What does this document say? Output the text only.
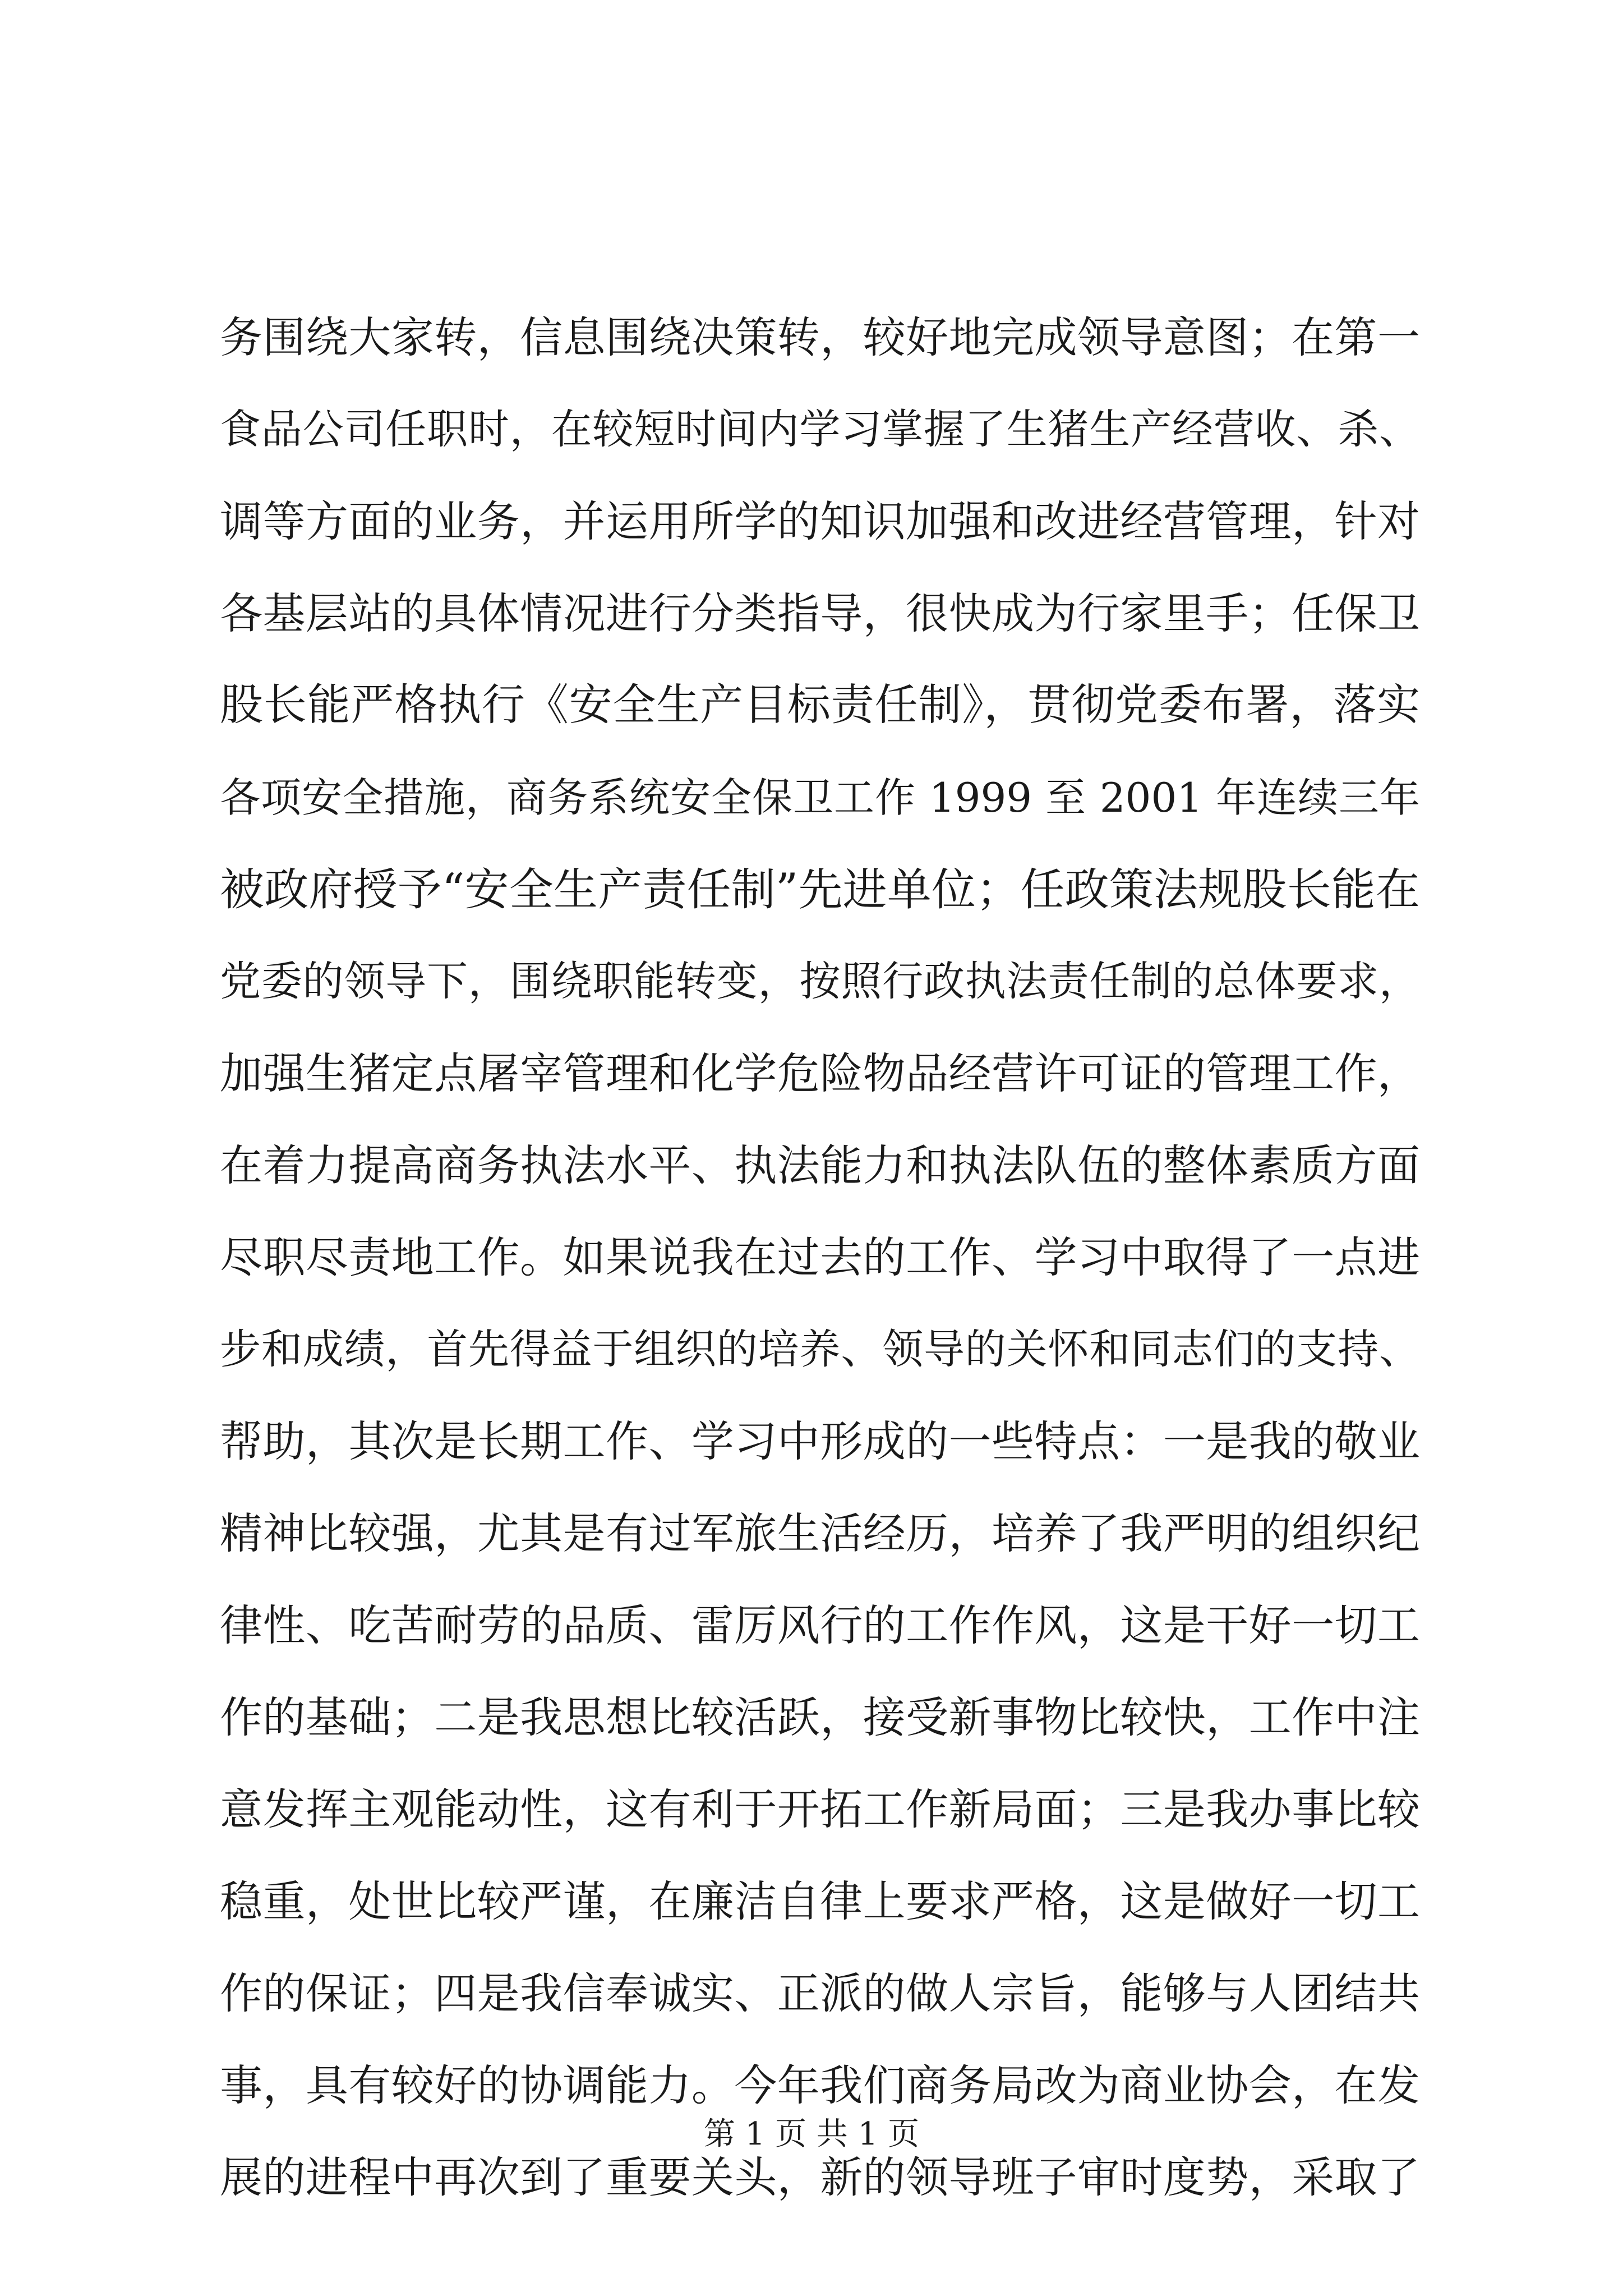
务围绕大家转，信息围绕决策转，较好地完成领导意图；在第一
食品公司任职时，在较短时间内学习掌握了生猪生产经营收、杀、
调等方面的业务，并运用所学的知识加强和改进经营管理，针对
各基层站的具体情况进行分类指导，很快成为行家里手；任保卫
股长能严格执行《安全生产目标责任制》，贯彻党委布署，落实
各项安全措施，商务系统安全保卫工作 1999 至 2001 年连续三年
被政府授予“安全生产责任制”先进单位；任政策法规股长能在
党委的领导下，围绕职能转变，按照行政执法责任制的总体要求，
加强生猪定点屠宰管理和化学危险物品经营许可证的管理工作，
在着力提高商务执法水平、执法能力和执法队伍的整体素质方面
尽职尽责地工作。如果说我在过去的工作、学习中取得了一点进
步和成绩，首先得益于组织的培养、领导的关怀和同志们的支持、
帮助，其次是长期工作、学习中形成的一些特点：一是我的敬业
精神比较强，尤其是有过军旅生活经历，培养了我严明的组织纪
律性、吃苦耐劳的品质、雷厉风行的工作作风，这是干好一切工
作的基础；二是我思想比较活跃，接受新事物比较快，工作中注
意发挥主观能动性，这有利于开拓工作新局面；三是我办事比较
稳重，处世比较严谨，在廉洁自律上要求严格，这是做好一切工
作的保证；四是我信奉诚实、正派的做人宗旨，能够与人团结共
事，具有较好的协调能力。今年我们商务局改为商业协会，在发
展的进程中再次到了重要关头，新的领导班子审时度势，采取了
第 1 页 共 1 页
